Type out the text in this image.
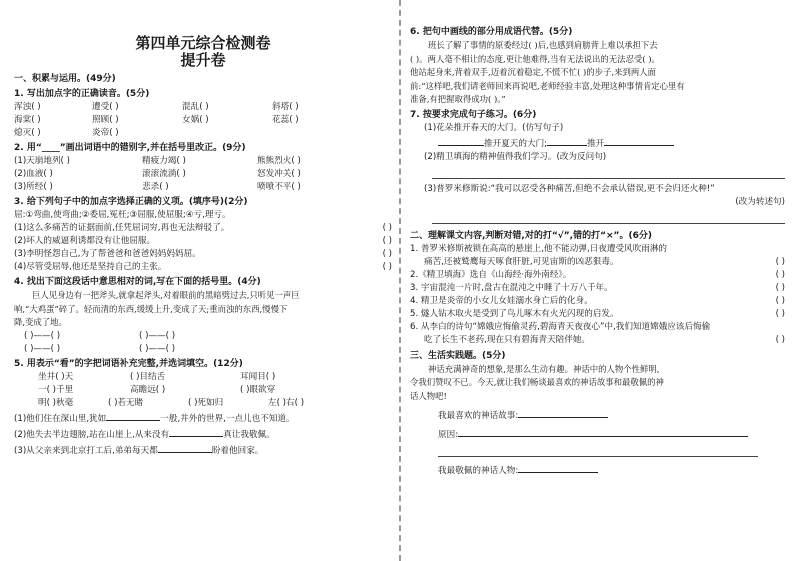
第四单元综合检测卷
提升卷
一、积累与运用。(49分)
1. 写出加点字的正确读音。(5分)
浑浊( )	遭受( )	混乱( )	斜塔( )
海棠( )	照顾( )	女娲( )	花蕊( )
熄灭( )	炎帝( )
2. 用“____”画出词语中的错别字,并在括号里改正。(9分)
(1)天崩地列( )	精疲力竭( )	熊熊烈火( )
(2)血液( )	滚滚流淌( )	怒发冲关( )
(3)所经( )	悲杀( )	喷喷不平( )
3. 给下列句子中的加点字选择正确的义项。(填序号)(2分)
屈:①弯曲,使弯曲;②委屈,冤枉;③屈服,使屈服;④亏,理亏。
(1)这么多痛苦的证据面前,任凭屈词穷,再也无法辩驳了。	( )
(2)坏人的威逼利诱都没有让他屈服。	( )
(3)李明怪怨自己,为了帮爸爸和爸爸妈妈妈妈屈。	( )
(4)尽管受屈辱,他还是坚持自己的主张。	( )
4. 找出下面这段话中意思相对的词,写在下面的括号里。(4分)
巨人见身边有一把斧头,就拿起斧头,对着眼前的黑暗劈过去,只听见一声巨
响,“大鸡蛋”碎了。轻而清的东西,缓缓上升,变成了天;重而浊的东西,慢慢下
降,变成了地。
( )——( )	( )——( )
( )——( )	( )——( )
5. 用表示“看”的字把词语补充完整,并选词填空。(12分)
坐井( )天	( )目结舌	耳闻目( )
一( )千里	高瞻远( )	( )眼欲穿
明( )秋毫	( )若无睹	( )死如归	左( )右( )
(1)他们住在深山里,犹如	一般,井外的世界,一点儿也不知道。
(2)他失去半边翅膀,站在山崖上,从来没有	真让我敬佩。
(3)从父亲来到北京打工后,弟弟每天都	盼着他回家。
6. 把句中画线的部分用成语代替。(5分)
班长了解了事情的原委经过( )后,也感到肩膀背上难以承担下去
( )。两人毫不相让的态度,更让他难得,当有无法说出的无法忍受( )。
他站起身来,背着双手,迈着沉着稳定,不慌不忙( )的步子,来到两人面
前:“这样吧,我们请老师回来再说吧,老师经验丰富,处理这种事情肯定心里有
准备,有把握取得成功( )。”
7. 按要求完成句子练习。(6分)
(1)花朵推开春天的大门。(仿写句子)
推开夏天的大门;	推开
(2)精卫填海的精神值得我们学习。(改为反问句)
(3)普罗米修斯说:“我可以忍受各种痛苦,但绝不会承认错误,更不会归还火种!”
(改为转述句)
二、理解课文内容,判断对错,对的打“√”,错的打“×”。(6分)
1. 普罗米修斯被锁在高高的悬崖上,他不能动弹,日夜遭受风吹雨淋的
痛苦,还被鹫鹰每天啄食肝脏,可见宙斯的凶恶狠毒。	( )
2.《精卫填海》选自《山海经·海外南经》。	( )
3. 宇宙混沌一片时,盘古在混沌之中睡了十万八千年。	( )
4. 精卫是炎帝的小女儿女娃溺水身亡后的化身。	( )
5. 燧人钻木取火是受到了鸟儿啄木有火光闪现的启发。	( )
6. 从李白的诗句“嫦娥应悔偷灵药,碧海青天夜夜心”中,我们知道嫦娥应该后悔偷
吃了长生不老药,现在只有碧海青天陪伴她。	( )
三、生活实践题。(5分)
神话充满神奇的想象,是那么生动有趣。神话中的人物个性鲜明,
令我们赞叹不已。今天,就让我们畅谈最喜欢的神话故事和最敬佩的神
话人物吧!
我最喜欢的神话故事:
原因:
我最敬佩的神话人物:
